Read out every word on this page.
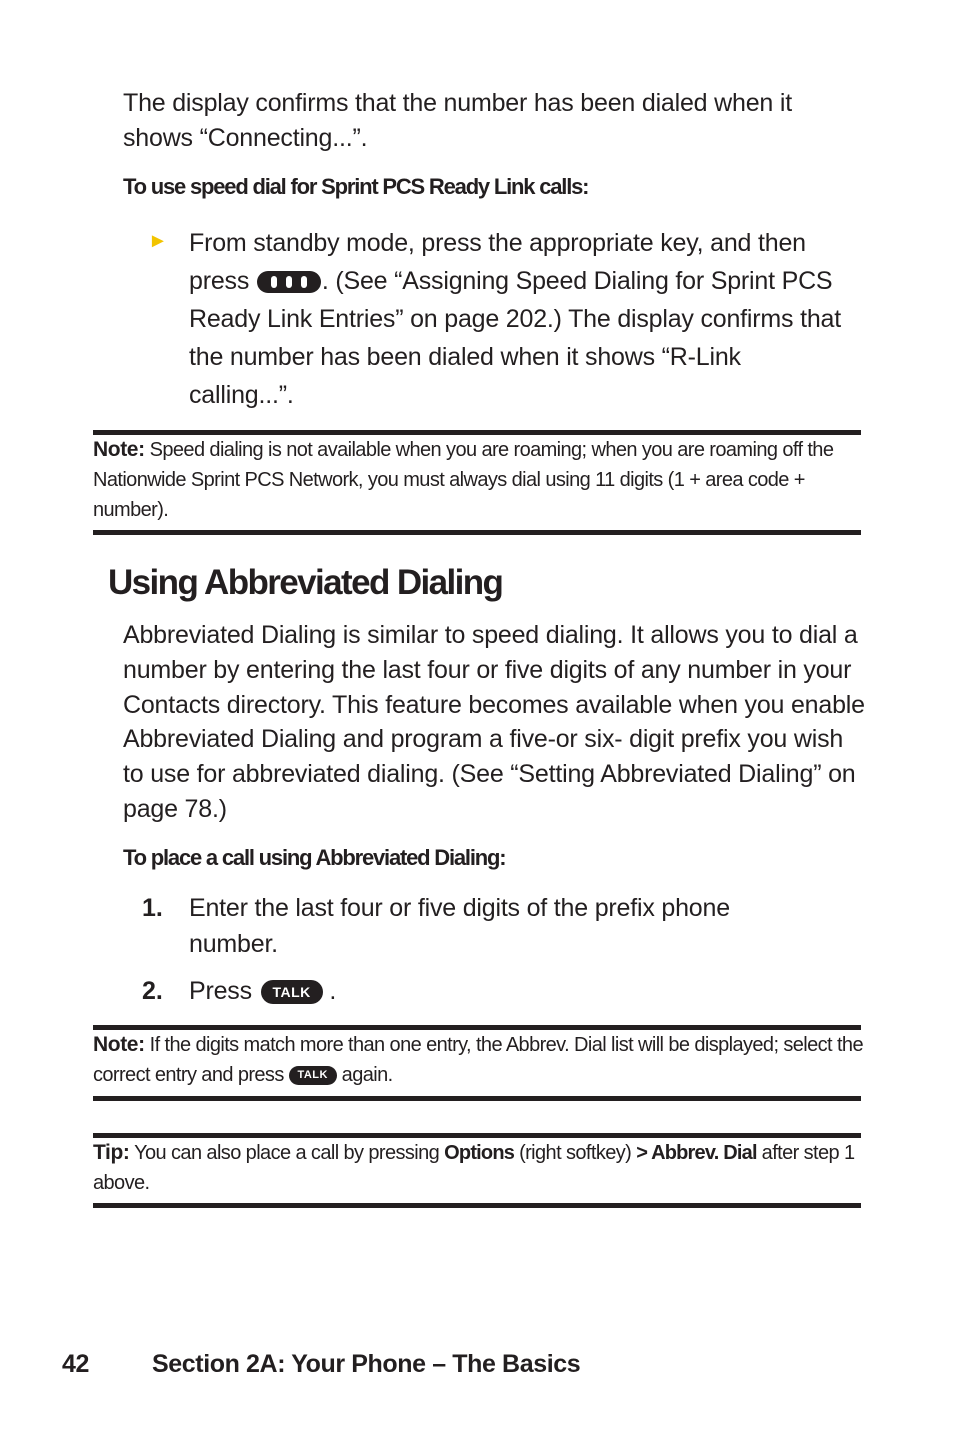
The display confirms that the number has been dialed when it shows “Connecting...”.
To use speed dial for Sprint PCS Ready Link calls:
► From standby mode, press the appropriate key, and then press	. (See “Assigning Speed Dialing for Sprint PCS Ready Link Entries” on page 202.) The display confirms that the number has been dialed when it shows “R-Link calling...”.
Note: Speed dialing is not available when you are roaming; when you are roaming off the Nationwide Sprint PCS Network, you must always dial using 11 digits (1 + area code + number).
Using Abbreviated Dialing
Abbreviated Dialing is similar to speed dialing. It allows you to dial a number by entering the last four or five digits of any number in your Contacts directory. This feature becomes available when you enable Abbreviated Dialing and program a five-or six- digit prefix you wish to use for abbreviated dialing. (See “Setting Abbreviated Dialing” on page 78.)
To place a call using Abbreviated Dialing:
1. Enter the last four or five digits of the prefix phone number.
2. Press TALK .
Note: If the digits match more than one entry, the Abbrev. Dial list will be displayed; select the correct entry and press TALK again.
Tip: You can also place a call by pressing Options (right softkey) > Abbrev. Dial after step 1 above.
42	Section 2A: Your Phone – The Basics
